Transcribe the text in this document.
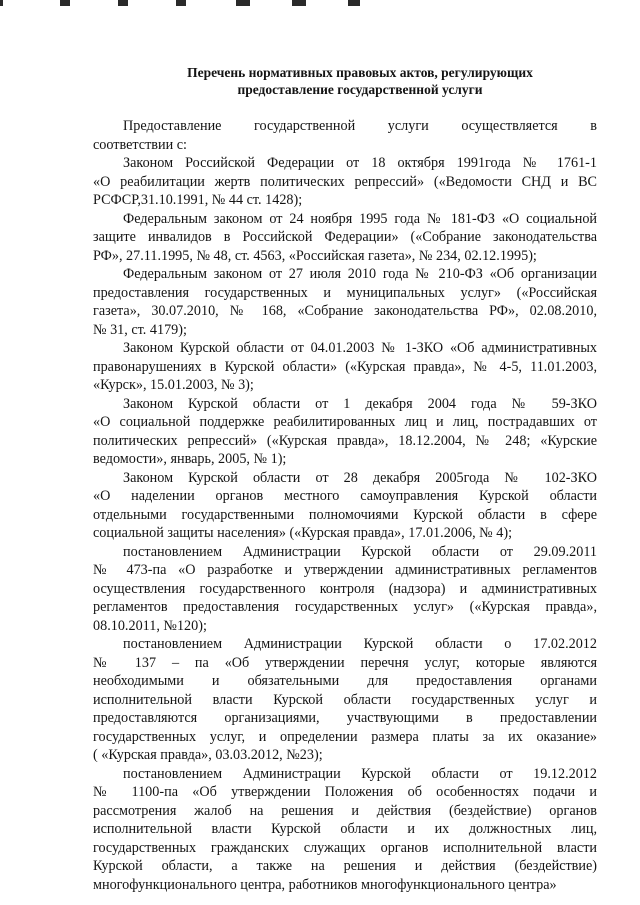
Перечень нормативных правовых актов, регулирующих
предоставление государственной услуги
Предоставление государственной услуги осуществляется в
соответствии с:
Законом Российской Федерации от 18 октября 1991года № 1761-1
«О реабилитации жертв политических репрессий» («Ведомости СНД и ВС
РСФСР,31.10.1991, № 44 ст. 1428);
Федеральным законом от 24 ноября 1995 года № 181-ФЗ «О социальной
защите инвалидов в Российской Федерации» («Собрание законодательства
РФ», 27.11.1995, № 48, ст. 4563, «Российская газета», № 234, 02.12.1995);
Федеральным законом от 27 июля 2010 года № 210-ФЗ «Об организации
предоставления государственных и муниципальных услуг» («Российская
газета», 30.07.2010, № 168, «Собрание законодательства РФ», 02.08.2010,
№ 31, ст. 4179);
Законом Курской области от 04.01.2003 № 1-ЗКО «Об административных
правонарушениях в Курской области» («Курская правда», № 4-5, 11.01.2003,
«Курск», 15.01.2003, № 3);
Законом Курской области от 1 декабря 2004 года № 59-ЗКО
«О социальной поддержке реабилитированных лиц и лиц, пострадавших от
политических репрессий» («Курская правда», 18.12.2004, № 248; «Курские
ведомости», январь, 2005, № 1);
Законом Курской области от 28 декабря 2005года № 102-ЗКО
«О наделении органов местного самоуправления Курской области
отдельными государственными полномочиями Курской области в сфере
социальной защиты населения» («Курская правда», 17.01.2006, № 4);
постановлением Администрации Курской области от 29.09.2011
№ 473-па «О разработке и утверждении административных регламентов
осуществления государственного контроля (надзора) и административных
регламентов предоставления государственных услуг» («Курская правда»,
08.10.2011, №120);
постановлением Администрации Курской области о 17.02.2012
№ 137 – па «Об утверждении перечня услуг, которые являются
необходимыми и обязательными для предоставления органами
исполнительной власти Курской области государственных услуг и
предоставляются организациями, участвующими в предоставлении
государственных услуг, и определении размера платы за их оказание»
( «Курская правда», 03.03.2012, №23);
постановлением Администрации Курской области от 19.12.2012
№ 1100-па «Об утверждении Положения об особенностях подачи и
рассмотрения жалоб на решения и действия (бездействие) органов
исполнительной власти Курской области и их должностных лиц,
государственных гражданских служащих органов исполнительной власти
Курской области, а также на решения и действия (бездействие)
многофункционального центра, работников многофункционального центра»
